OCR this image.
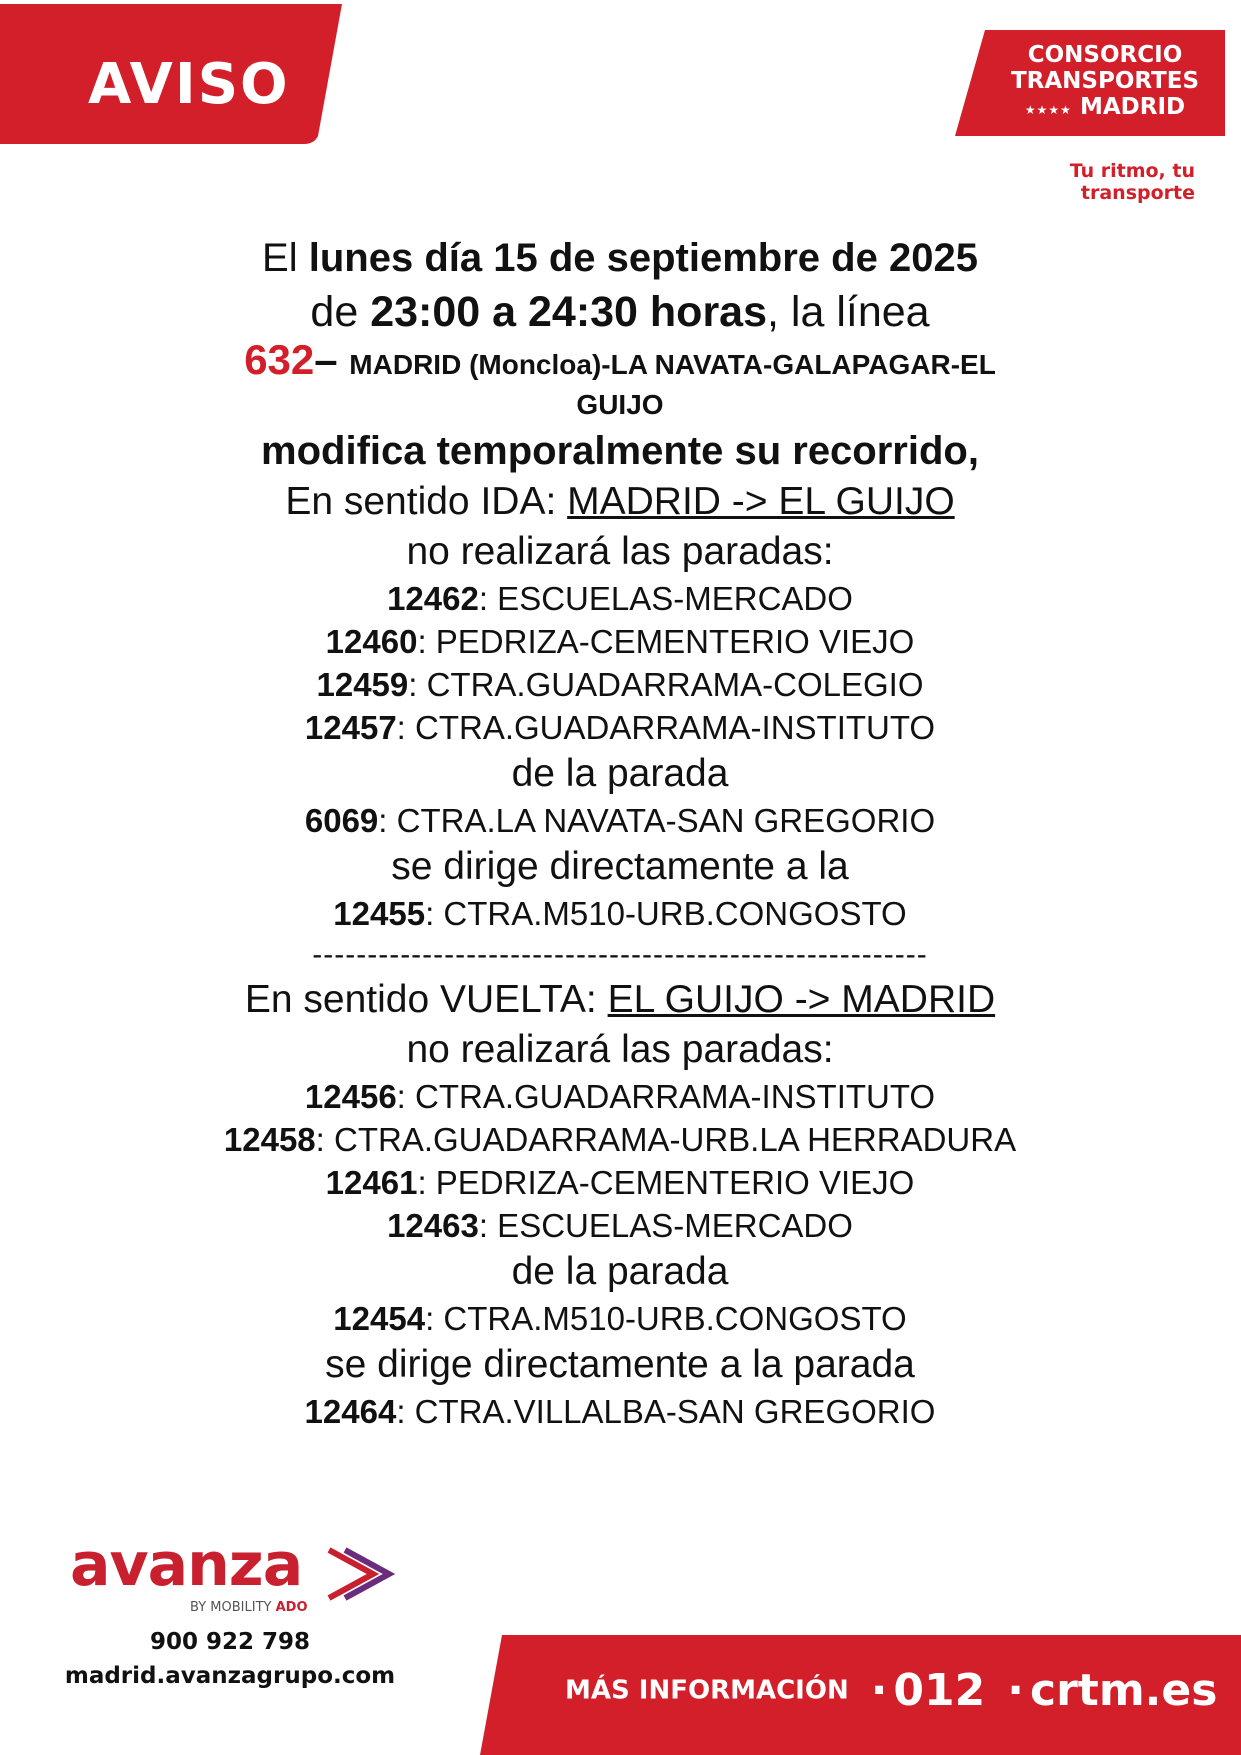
AVISO	CONSORCIO
TRANSPORTES
★★★★ MADRID
Tu ritmo, tu transporte
El lunes día 15 de septiembre de 2025
de 23:00 a 24:30 horas, la línea
632– MADRID (Moncloa)-LA NAVATA-GALAPAGAR-EL
GUIJO
modifica temporalmente su recorrido,
En sentido IDA: MADRID -> EL GUIJO
no realizará las paradas:
12462: ESCUELAS-MERCADO
12460: PEDRIZA-CEMENTERIO VIEJO
12459: CTRA.GUADARRAMA-COLEGIO
12457: CTRA.GUADARRAMA-INSTITUTO
de la parada
6069: CTRA.LA NAVATA-SAN GREGORIO
se dirige directamente a la
12455: CTRA.M510-URB.CONGOSTO
--------------------------------------------------------
En sentido VUELTA: EL GUIJO -> MADRID
no realizará las paradas:
12456: CTRA.GUADARRAMA-INSTITUTO
12458: CTRA.GUADARRAMA-URB.LA HERRADURA
12461: PEDRIZA-CEMENTERIO VIEJO
12463: ESCUELAS-MERCADO
de la parada
12454: CTRA.M510-URB.CONGOSTO
se dirige directamente a la parada
12464: CTRA.VILLALBA-SAN GREGORIO
avanza
BY MOBILITY ADO
900 922 798
madrid.avanzagrupo.com	MÁS INFORMACIÓN · 012 · crtm.es
